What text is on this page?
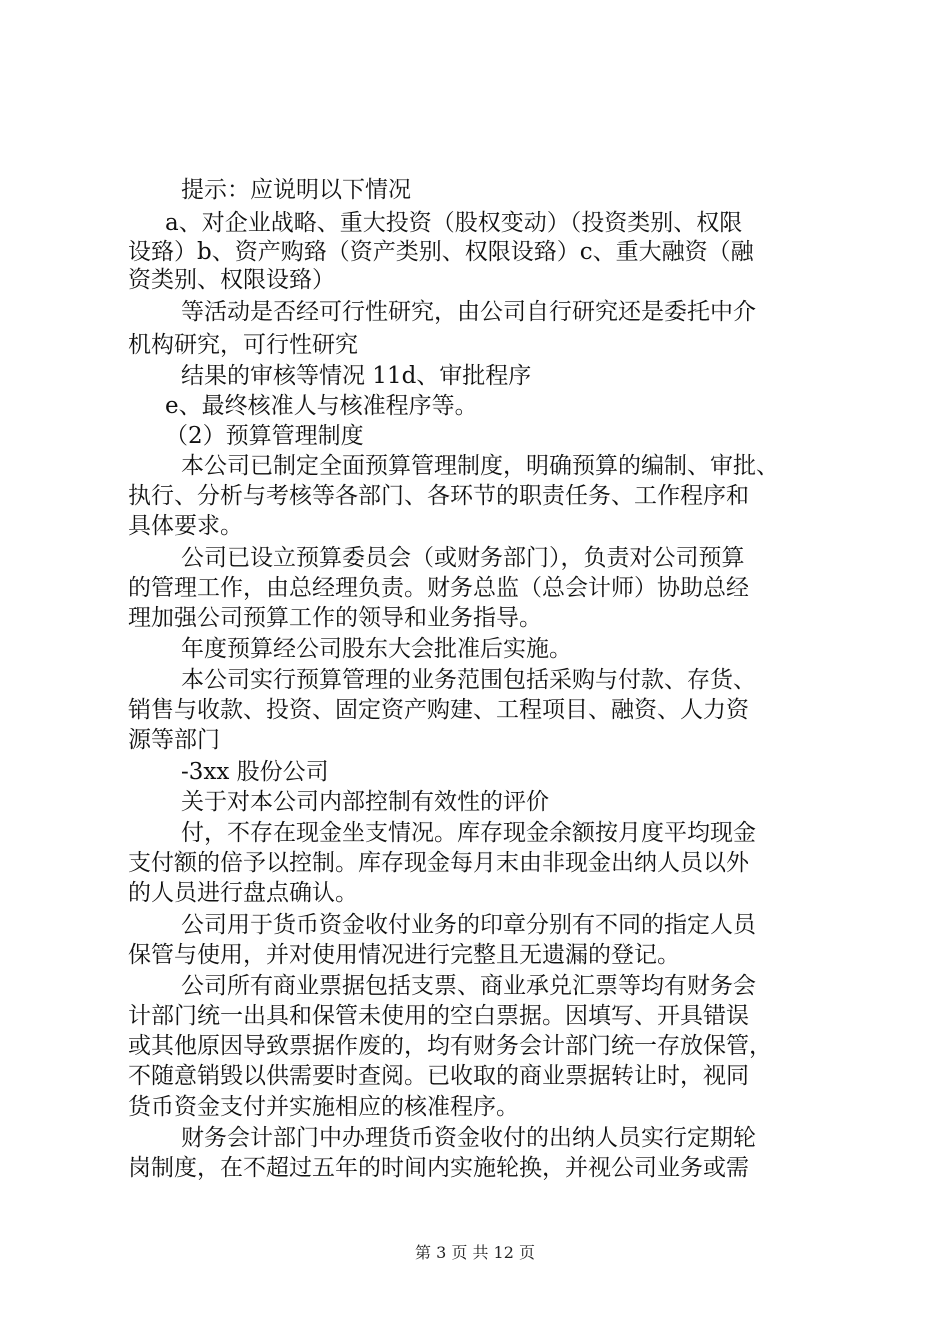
提示：应说明以下情况

a、对企业战略、重大投资（股权变动）（投资类别、权限

设臵）b、资产购臵（资产类别、权限设臵）c、重大融资（融

资类别、权限设臵）

等活动是否经可行性研究，由公司自行研究还是委托中介

机构研究，可行性研究

结果的审核等情况 11d、审批程序

e、最终核准人与核准程序等。

（2）预算管理制度

本公司已制定全面预算管理制度，明确预算的编制、审批、

执行、分析与考核等各部门、各环节的职责任务、工作程序和

具体要求。

公司已设立预算委员会（或财务部门），负责对公司预算

的管理工作，由总经理负责。财务总监（总会计师）协助总经

理加强公司预算工作的领导和业务指导。

年度预算经公司股东大会批准后实施。

本公司实行预算管理的业务范围包括采购与付款、存货、

销售与收款、投资、固定资产购建、工程项目、融资、人力资

源等部门

-3xx 股份公司

关于对本公司内部控制有效性的评价

付，不存在现金坐支情况。库存现金余额按月度平均现金

支付额的倍予以控制。库存现金每月末由非现金出纳人员以外

的人员进行盘点确认。

公司用于货币资金收付业务的印章分别有不同的指定人员

保管与使用，并对使用情况进行完整且无遗漏的登记。

公司所有商业票据包括支票、商业承兑汇票等均有财务会

计部门统一出具和保管未使用的空白票据。因填写、开具错误

或其他原因导致票据作废的，均有财务会计部门统一存放保管，

不随意销毁以供需要时查阅。已收取的商业票据转让时，视同

货币资金支付并实施相应的核准程序。

财务会计部门中办理货币资金收付的出纳人员实行定期轮

岗制度，在不超过五年的时间内实施轮换，并视公司业务或需

第 3 页 共 12 页
